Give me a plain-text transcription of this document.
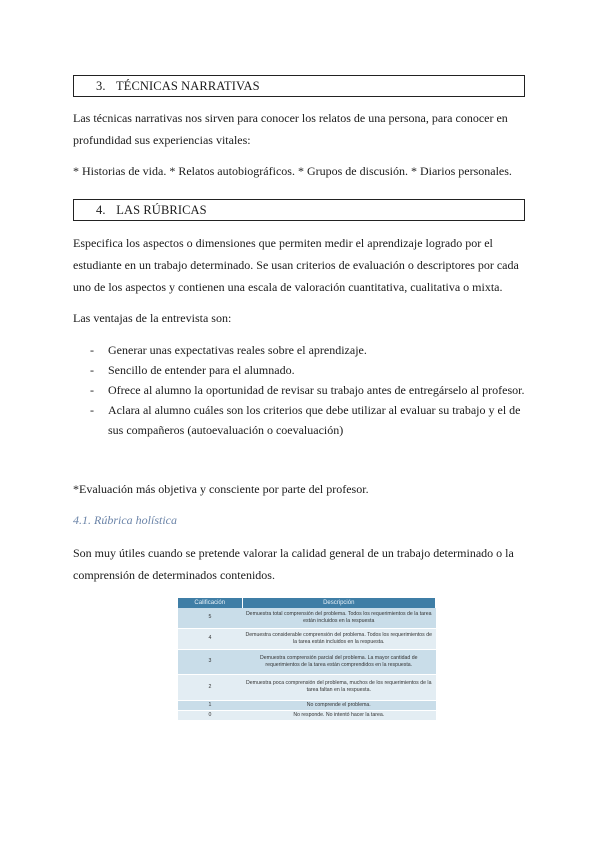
3. TÉCNICAS NARRATIVAS

Las técnicas narrativas nos sirven para conocer los relatos de una persona, para conocer en profundidad sus experiencias vitales:

* Historias de vida. * Relatos autobiográficos. * Grupos de discusión. * Diarios personales.

4. LAS RÚBRICAS

Especifica los aspectos o dimensiones que permiten medir el aprendizaje logrado por el estudiante en un trabajo determinado. Se usan criterios de evaluación o descriptores por cada uno de los aspectos y contienen una escala de valoración cuantitativa, cualitativa o mixta.

Las ventajas de la entrevista son:

- Generar unas expectativas reales sobre el aprendizaje.
- Sencillo de entender para el alumnado.
- Ofrece al alumno la oportunidad de revisar su trabajo antes de entregárselo al profesor.
- Aclara al alumno cuáles son los criterios que debe utilizar al evaluar su trabajo y el de sus compañeros (autoevaluación o coevaluación)

*Evaluación más objetiva y consciente por parte del profesor.

4.1. Rúbrica holística

Son muy útiles cuando se pretende valorar la calidad general de un trabajo determinado o la comprensión de determinados contenidos.

Calificación	Descripción
5	Demuestra total comprensión del problema. Todos los requerimientos de la tarea están incluidos en la respuesta
4	Demuestra considerable comprensión del problema. Todos los requerimientos de la tarea están incluidos en la respuesta.
3	Demuestra comprensión parcial del problema. La mayor cantidad de requerimientos de la tarea están comprendidos en la respuesta.
2	Demuestra poca comprensión del problema, muchos de los requerimientos de la tarea faltan en la respuesta.
1	No comprende el problema.
0	No responde. No intentó hacer la tarea.
